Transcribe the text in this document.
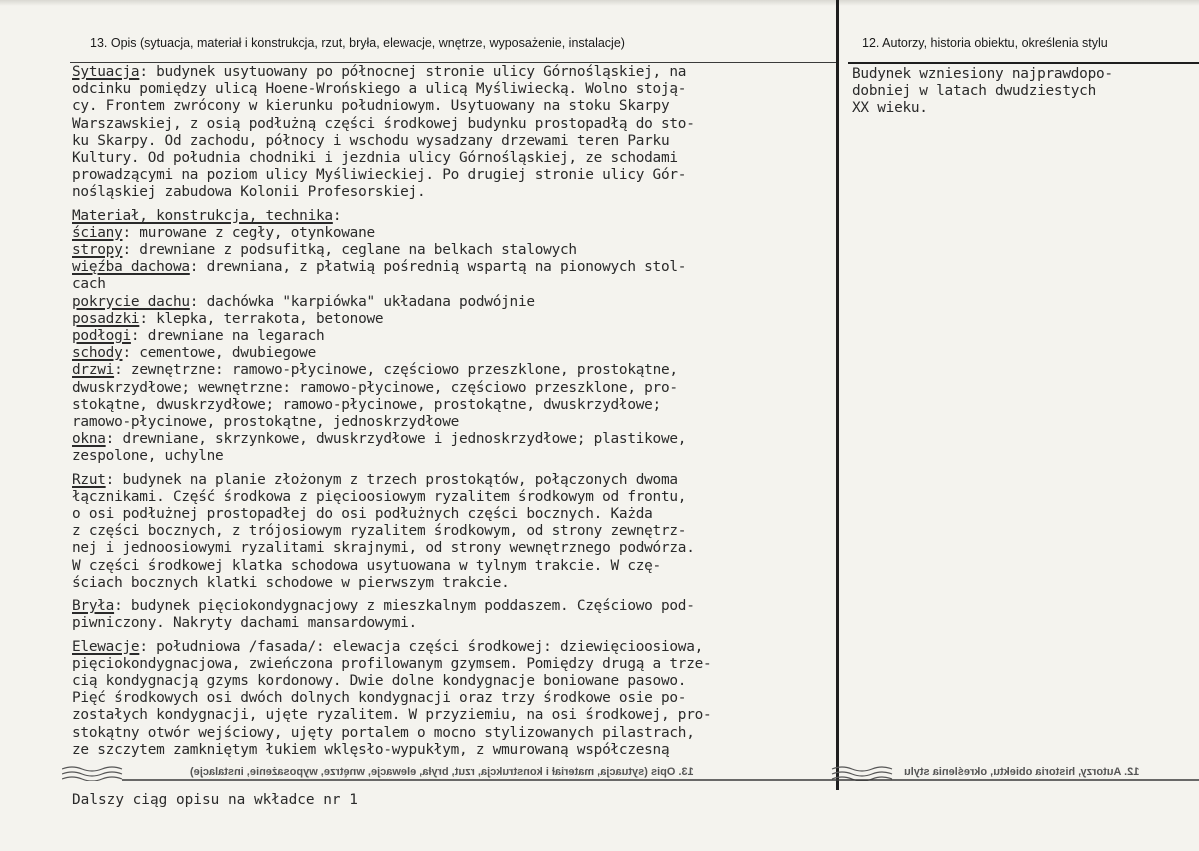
13. Opis (sytuacja, materiał i konstrukcja, rzut, bryła, elewacje, wnętrze, wyposażenie, instalacje)	12. Autorzy, historia obiektu, określenia stylu
Sytuacja: budynek usytuowany po północnej stronie ulicy Górnośląskiej, na
odcinku pomiędzy ulicą Hoene-Wrońskiego a ulicą Myśliwiecką. Wolno stoją-
cy. Frontem zwrócony w kierunku południowym. Usytuowany na stoku Skarpy
Warszawskiej, z osią podłużną części środkowej budynku prostopadłą do sto-
ku Skarpy. Od zachodu, północy i wschodu wysadzany drzewami teren Parku
Kultury. Od południa chodniki i jezdnia ulicy Górnośląskiej, ze schodami
prowadzącymi na poziom ulicy Myśliwieckiej. Po drugiej stronie ulicy Gór-
nośląskiej zabudowa Kolonii Profesorskiej.
Materiał, konstrukcja, technika:
ściany: murowane z cegły, otynkowane
stropy: drewniane z podsufitką, ceglane na belkach stalowych
więźba dachowa: drewniana, z płatwią pośrednią wspartą na pionowych stol-
cach
pokrycie dachu: dachówka "karpiówka" układana podwójnie
posadzki: klepka, terrakota, betonowe
podłogi: drewniane na legarach
schody: cementowe, dwubiegowe
drzwi: zewnętrzne: ramowo-płycinowe, częściowo przeszklone, prostokątne,
dwuskrzydłowe; wewnętrzne: ramowo-płycinowe, częściowo przeszklone, pro-
stokątne, dwuskrzydłowe; ramowo-płycinowe, prostokątne, dwuskrzydłowe;
ramowo-płycinowe, prostokątne, jednoskrzydłowe
okna: drewniane, skrzynkowe, dwuskrzydłowe i jednoskrzydłowe; plastikowe,
zespolone, uchylne
Rzut: budynek na planie złożonym z trzech prostokątów, połączonych dwoma
łącznikami. Część środkowa z pięcioosiowym ryzalitem środkowym od frontu,
o osi podłużnej prostopadłej do osi podłużnych części bocznych. Każda
z części bocznych, z trójosiowym ryzalitem środkowym, od strony zewnętrz-
nej i jednoosiowymi ryzalitami skrajnymi, od strony wewnętrznego podwórza.
W części środkowej klatka schodowa usytuowana w tylnym trakcie. W czę-
ściach bocznych klatki schodowe w pierwszym trakcie.
Bryła: budynek pięciokondygnacjowy z mieszkalnym poddaszem. Częściowo pod-
piwniczony. Nakryty dachami mansardowymi.
Elewacje: południowa /fasada/: elewacja części środkowej: dziewięcioosiowa,
pięciokondygnacjowa, zwieńczona profilowanym gzymsem. Pomiędzy drugą a trze-
cią kondygnacją gzyms kordonowy. Dwie dolne kondygnacje boniowane pasowo.
Pięć środkowych osi dwóch dolnych kondygnacji oraz trzy środkowe osie po-
zostałych kondygnacji, ujęte ryzalitem. W przyziemiu, na osi środkowej, pro-
stokątny otwór wejściowy, ujęty portalem o mocno stylizowanych pilastrach,
ze szczytem zamkniętym łukiem wklęsło-wypukłym, z wmurowaną współczesną
Budynek wzniesiony najprawdopo-
dobniej w latach dwudziestych
XX wieku.
13. Opis (sytuacja, materiał i konstrukcja, rzut, bryła, elewacje, wnętrze, wyposażenie, instalacje)	12. Autorzy, historia obiektu, określenia stylu
Dalszy ciąg opisu na wkładce nr 1
